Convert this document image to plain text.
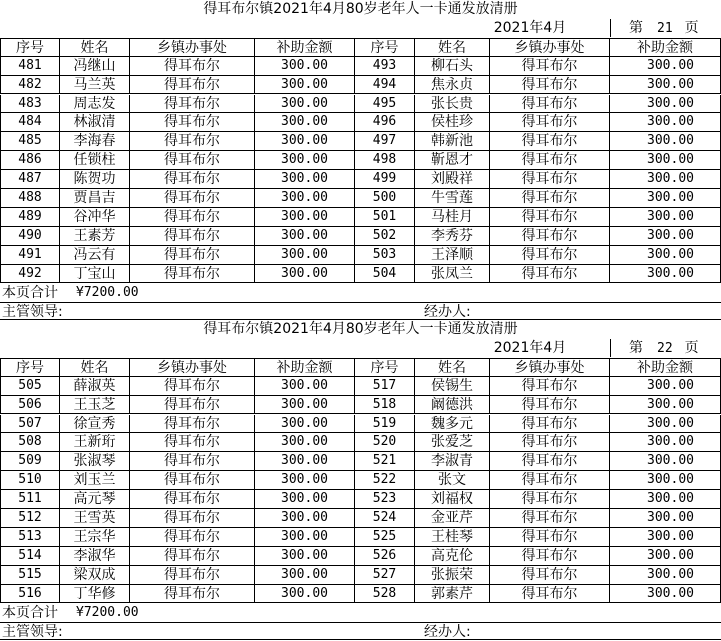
得耳布尔镇2021年4月80岁老年人一卡通发放清册
2021年4月	第 21 页
序号	姓名	乡镇办事处	补助金额	序号	姓名	乡镇办事处	补助金额
481	冯继山	得耳布尔	300.00	493	柳石头	得耳布尔	300.00
482	马兰英	得耳布尔	300.00	494	焦永贞	得耳布尔	300.00
483	周志发	得耳布尔	300.00	495	张长贵	得耳布尔	300.00
484	林淑清	得耳布尔	300.00	496	侯桂珍	得耳布尔	300.00
485	李海春	得耳布尔	300.00	497	韩新池	得耳布尔	300.00
486	任锁柱	得耳布尔	300.00	498	靳恩才	得耳布尔	300.00
487	陈贺功	得耳布尔	300.00	499	刘殿祥	得耳布尔	300.00
488	贾昌吉	得耳布尔	300.00	500	牛雪莲	得耳布尔	300.00
489	谷冲华	得耳布尔	300.00	501	马桂月	得耳布尔	300.00
490	王素芳	得耳布尔	300.00	502	李秀芬	得耳布尔	300.00
491	冯云有	得耳布尔	300.00	503	王泽顺	得耳布尔	300.00
492	丁宝山	得耳布尔	300.00	504	张凤兰	得耳布尔	300.00
本页合计	¥7200.00
主管领导:	经办人:
得耳布尔镇2021年4月80岁老年人一卡通发放清册
2021年4月	第 22 页
序号	姓名	乡镇办事处	补助金额	序号	姓名	乡镇办事处	补助金额
505	薛淑英	得耳布尔	300.00	517	侯锡生	得耳布尔	300.00
506	王玉芝	得耳布尔	300.00	518	阚德洪	得耳布尔	300.00
507	徐宣秀	得耳布尔	300.00	519	魏多元	得耳布尔	300.00
508	王新珩	得耳布尔	300.00	520	张爱芝	得耳布尔	300.00
509	张淑琴	得耳布尔	300.00	521	李淑青	得耳布尔	300.00
510	刘玉兰	得耳布尔	300.00	522	张文	得耳布尔	300.00
511	高元琴	得耳布尔	300.00	523	刘福权	得耳布尔	300.00
512	王雪英	得耳布尔	300.00	524	金亚芹	得耳布尔	300.00
513	王宗华	得耳布尔	300.00	525	王桂琴	得耳布尔	300.00
514	李淑华	得耳布尔	300.00	526	高克伦	得耳布尔	300.00
515	梁双成	得耳布尔	300.00	527	张振荣	得耳布尔	300.00
516	丁华修	得耳布尔	300.00	528	郭素芹	得耳布尔	300.00
本页合计	¥7200.00
主管领导:	经办人:
